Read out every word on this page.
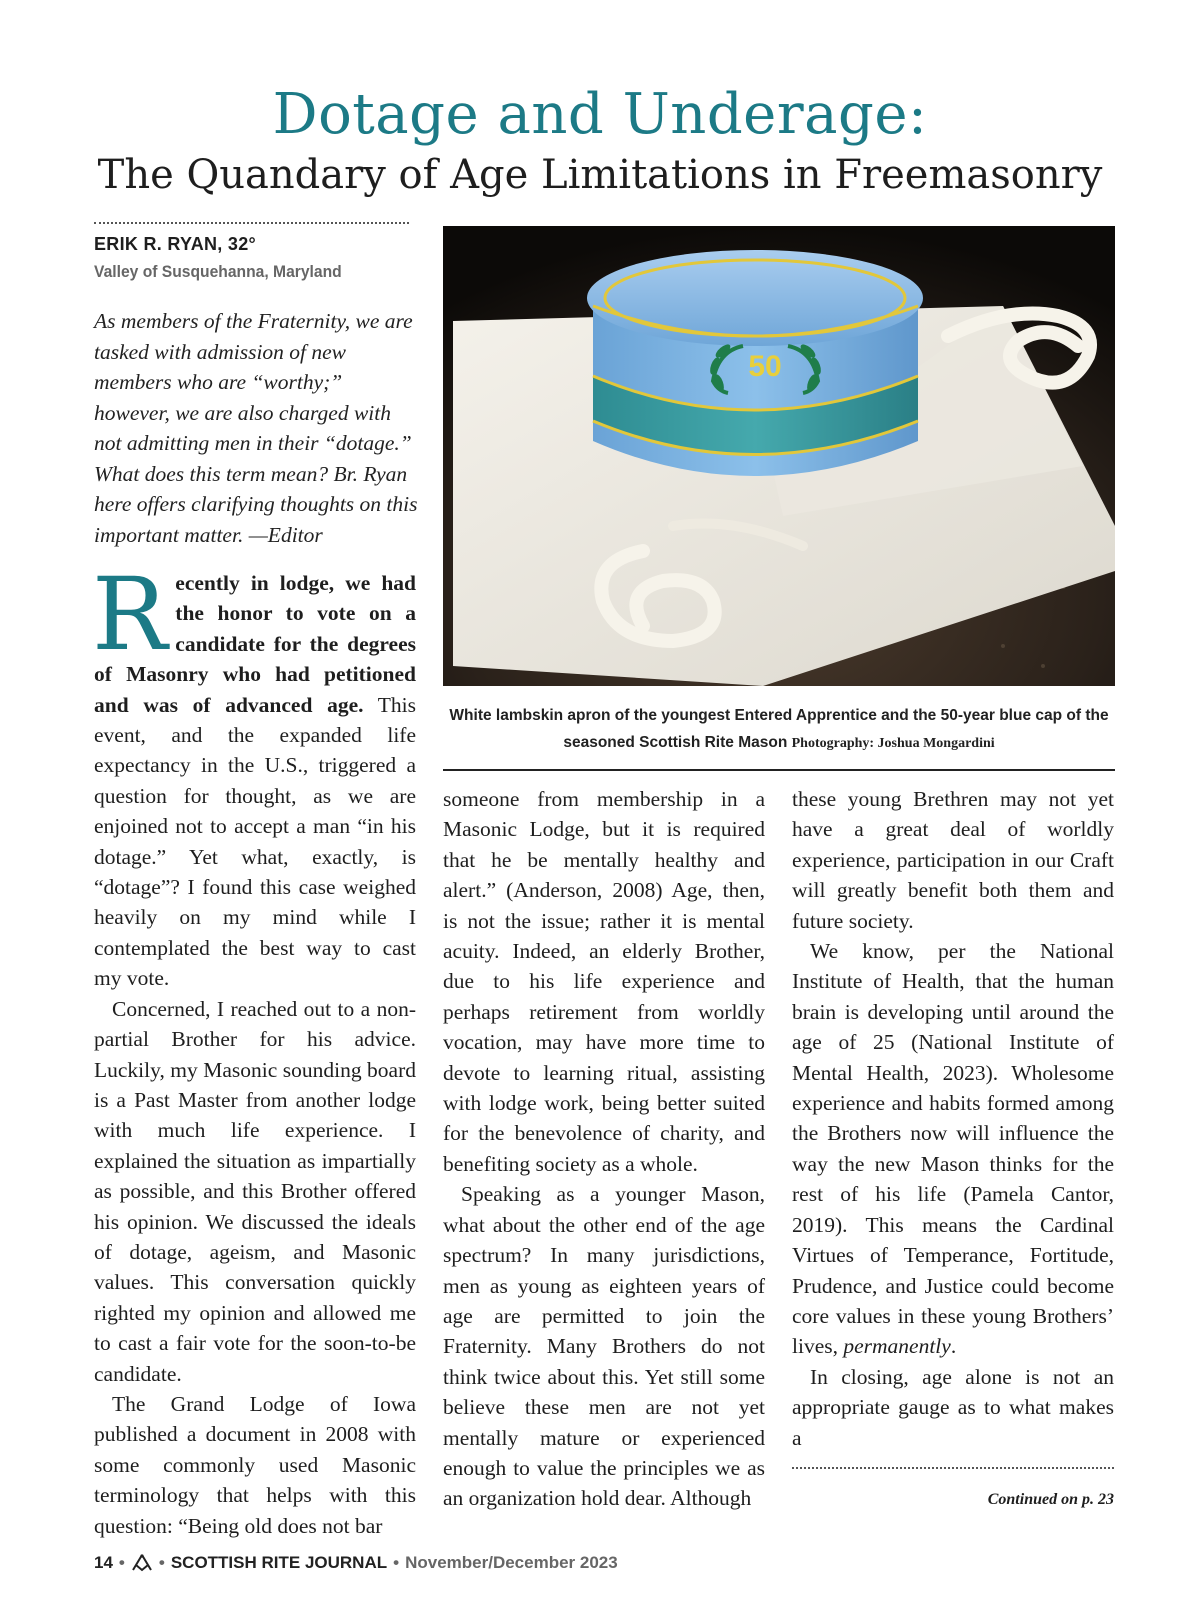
Dotage and Underage:
The Quandary of Age Limitations in Freemasonry
ERIK R. RYAN, 32°
Valley of Susquehanna, Maryland
As members of the Fraternity, we are tasked with admission of new members who are “worthy;” however, we are also charged with not admitting men in their “dotage.” What does this term mean? Br. Ryan here offers clarifying thoughts on this important matter. —Editor
50
White lambskin apron of the youngest Entered Apprentice and the 50-year blue cap of the seasoned Scottish Rite Mason Photography: Joshua Mongardini

Recently in lodge, we had the honor to vote on a candidate for the degrees of Masonry who had petitioned and was of advanced age. This event, and the expanded life expectancy in the U.S., triggered a question for thought, as we are enjoined not to accept a man “in his dotage.” Yet what, exactly, is “dotage”? I found this case weighed heavily on my mind while I contemplated the best way to cast my vote.

Concerned, I reached out to a non-partial Brother for his advice. Luckily, my Masonic sounding board is a Past Master from another lodge with much life experience. I explained the situation as impartially as possible, and this Brother offered his opinion. We discussed the ideals of dotage, ageism, and Masonic values. This conversation quickly righted my opinion and allowed me to cast a fair vote for the soon-to-be candidate.

The Grand Lodge of Iowa published a document in 2008 with some commonly used Masonic terminology that helps with this question: “Being old does not bar

someone from membership in a Masonic Lodge, but it is required that he be mentally healthy and alert.” (Anderson, 2008) Age, then, is not the issue; rather it is mental acuity. Indeed, an elderly Brother, due to his life experience and perhaps retirement from worldly vocation, may have more time to devote to learning ritual, assisting with lodge work, being better suited for the benevolence of charity, and benefiting society as a whole.

Speaking as a younger Mason, what about the other end of the age spectrum? In many jurisdictions, men as young as eighteen years of age are permitted to join the Fraternity. Many Brothers do not think twice about this. Yet still some believe these men are not yet mentally mature or experienced enough to value the principles we as an organization hold dear. Although

these young Brethren may not yet have a great deal of worldly experience, participation in our Craft will greatly benefit both them and future society.

We know, per the National Institute of Health, that the human brain is developing until around the age of 25 (National Institute of Mental Health, 2023). Wholesome experience and habits formed among the Brothers now will influence the way the new Mason thinks for the rest of his life (Pamela Cantor, 2019). This means the Cardinal Virtues of Temperance, Fortitude, Prudence, and Justice could become core values in these young Brothers’ lives, permanently.

In closing, age alone is not an appropriate gauge as to what makes a

Continued on p. 23
14 • • SCOTTISH RITE JOURNAL • November/December 2023
